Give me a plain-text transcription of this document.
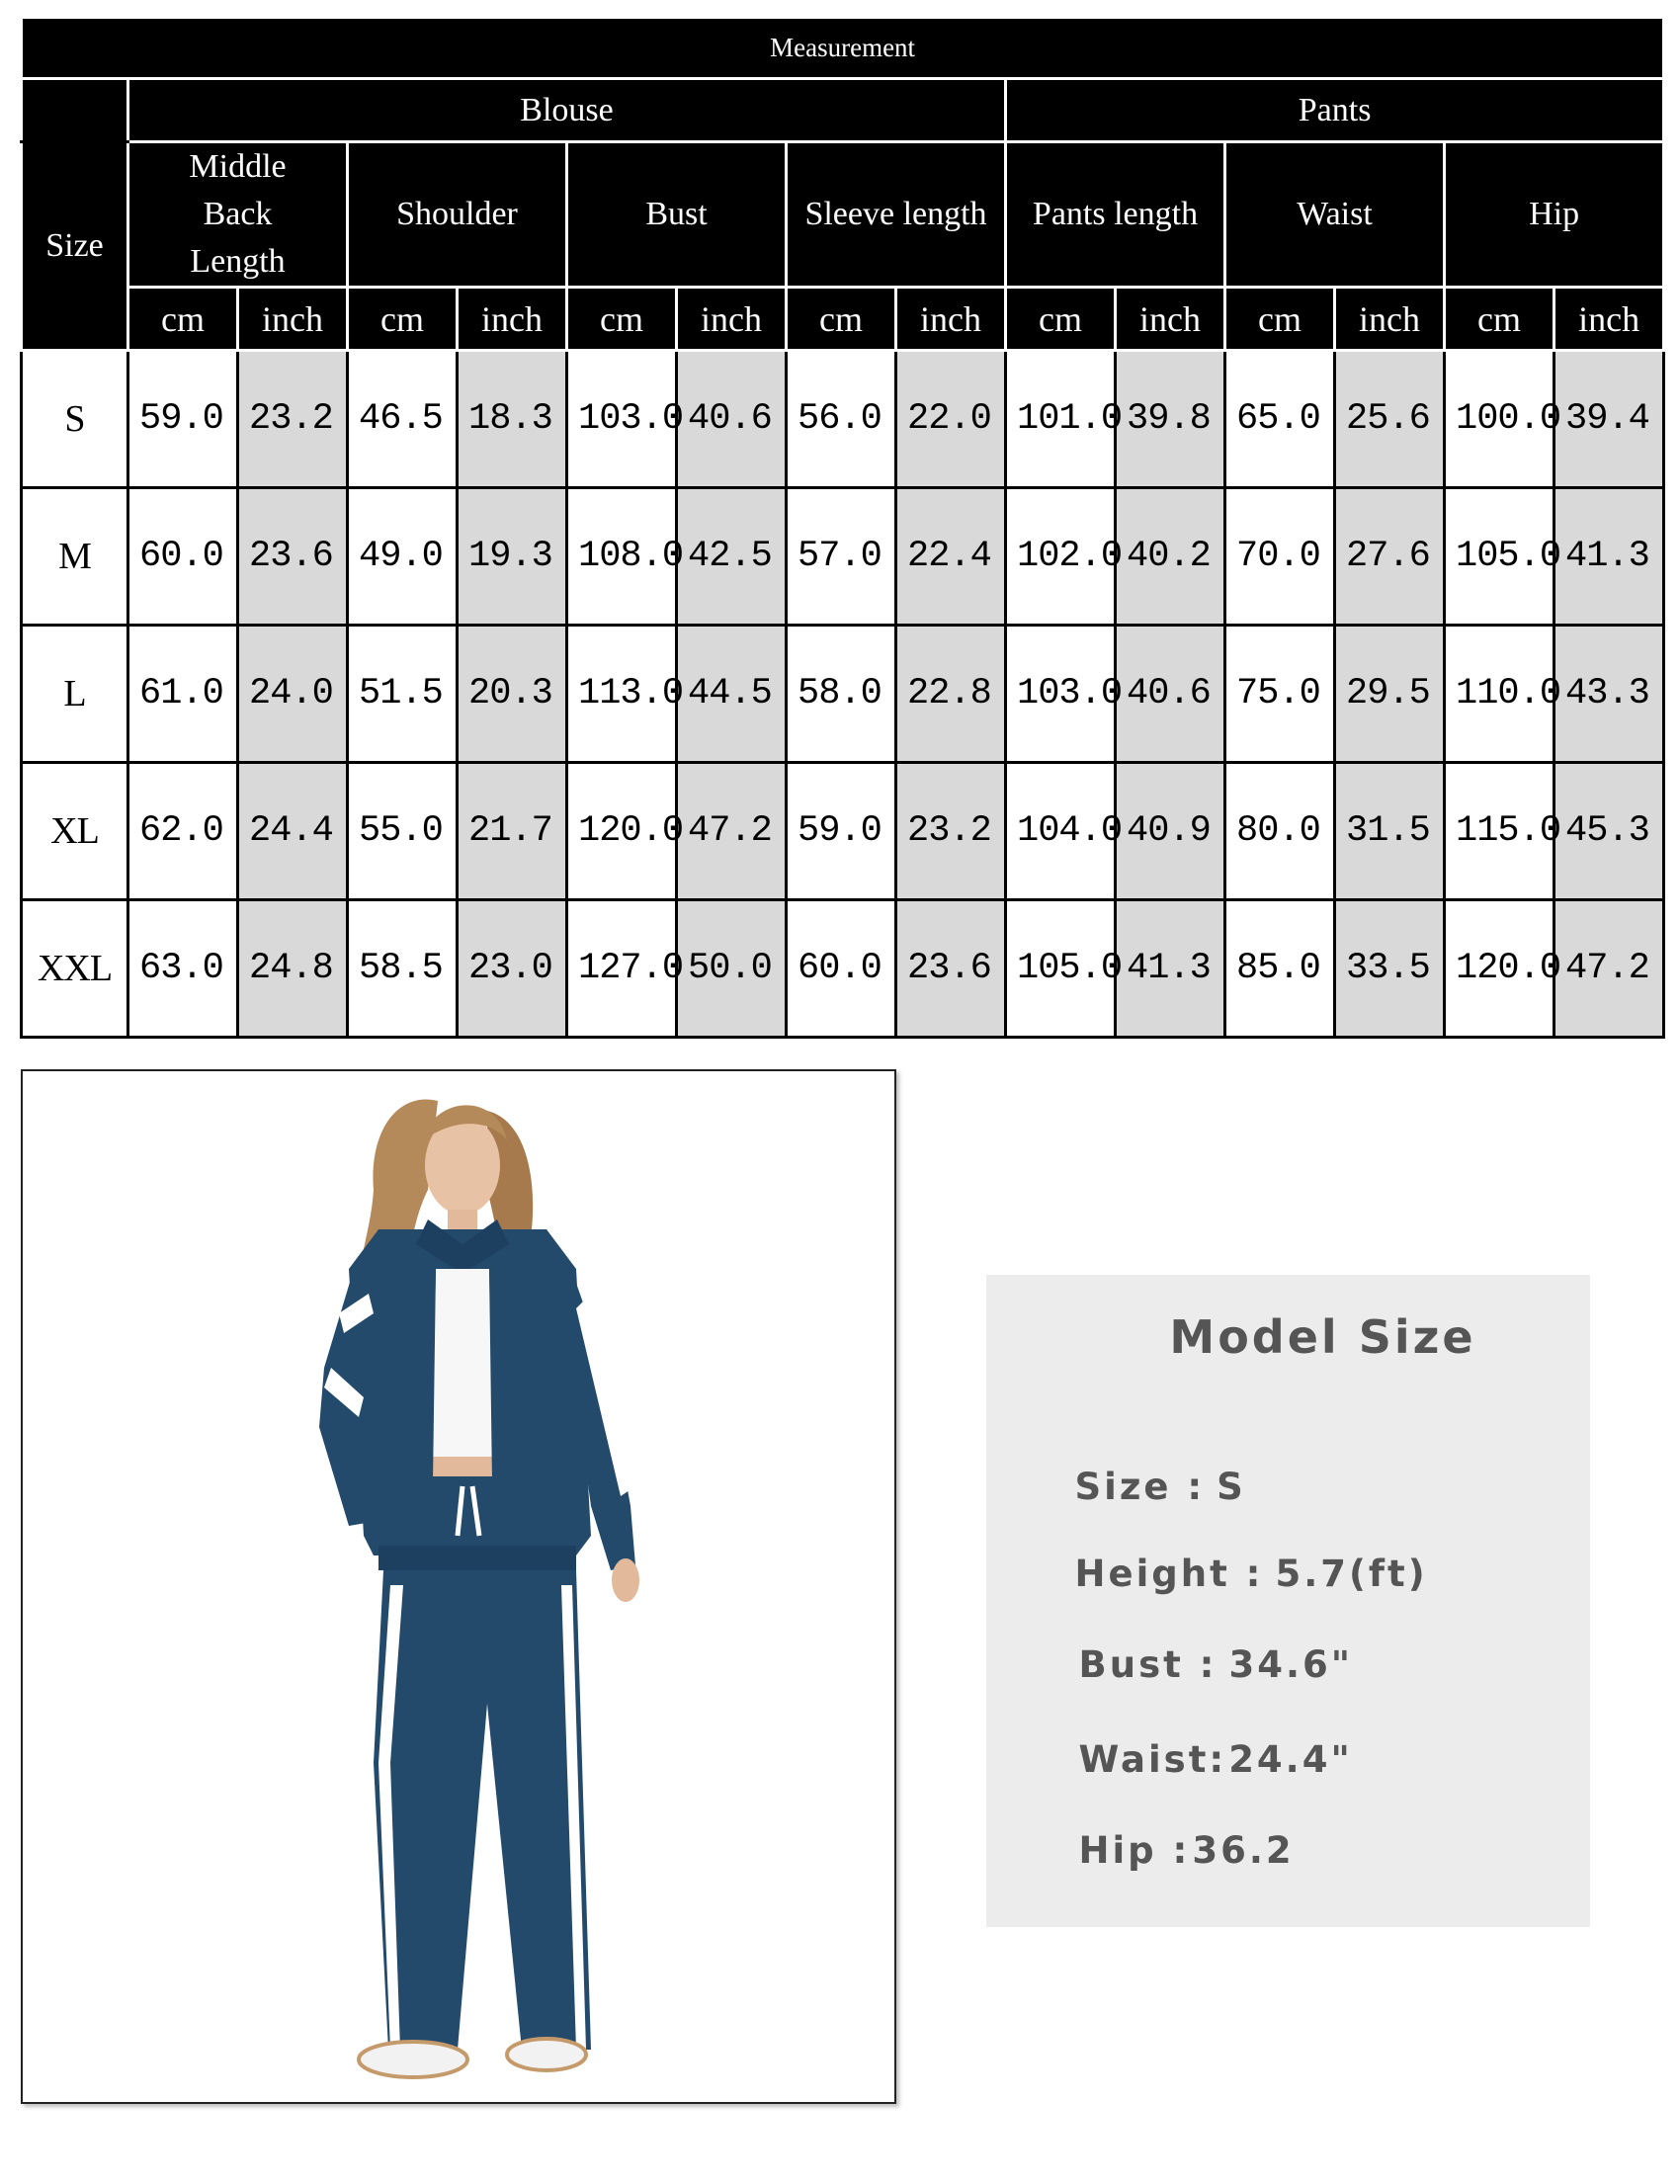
Measurement														
	Blouse								Pants					
Size	Middle Back Length		Shoulder		Bust		Sleeve length		Pants length		Waist		Hip	
	cm	inch	cm	inch	cm	inch	cm	inch	cm	inch	cm	inch	cm	inch
S	59.0	23.2	46.5	18.3	103.0	40.6	56.0	22.0	101.0	39.8	65.0	25.6	100.0	39.4
M	60.0	23.6	49.0	19.3	108.0	42.5	57.0	22.4	102.0	40.2	70.0	27.6	105.0	41.3
L	61.0	24.0	51.5	20.3	113.0	44.5	58.0	22.8	103.0	40.6	75.0	29.5	110.0	43.3
XL	62.0	24.4	55.0	21.7	120.0	47.2	59.0	23.2	104.0	40.9	80.0	31.5	115.0	45.3
XXL	63.0	24.8	58.5	23.0	127.0	50.0	60.0	23.6	105.0	41.3	85.0	33.5	120.0	47.2
Model Size

Size : S

Height : 5.7(ft)

Bust : 34.6"

Waist:24.4"

Hip :36.2
